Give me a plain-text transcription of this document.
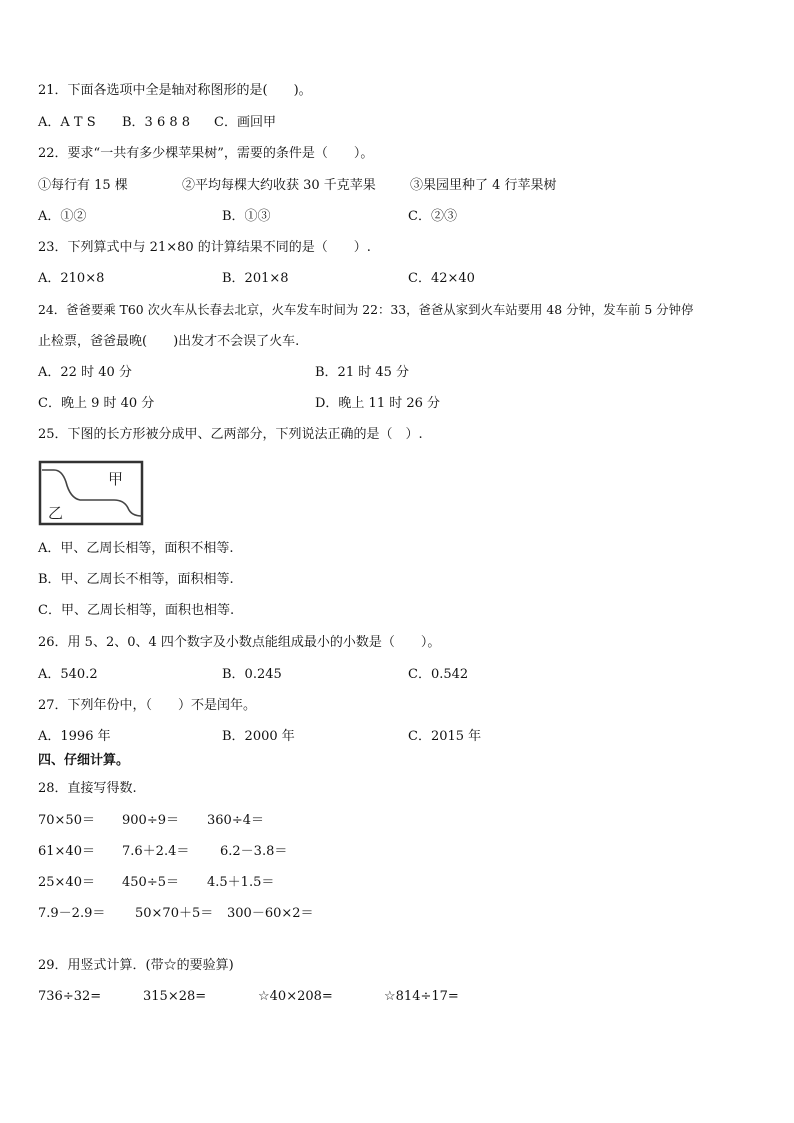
21．下面各选项中全是轴对称图形的是(　　)。
A．A T S B．3 6 8 8 C．画回甲
22．要求“一共有多少棵苹果树”，需要的条件是（　　）。
①每行有 15 棵	②平均每棵大约收获 30 千克苹果	③果园里种了 4 行苹果树
A．①②	B．①③	C．②③
23．下列算式中与 21×80 的计算结果不同的是（　　）.
A．210×8	B．201×8	C．42×40
24．爸爸要乘 T60 次火车从长春去北京，火车发车时间为 22：33，爸爸从家到火车站要用 48 分钟，发车前 5 分钟停
止检票，爸爸最晚(　　)出发才不会误了火车.
A．22 时 40 分	B．21 时 45 分
C．晚上 9 时 40 分	D．晚上 11 时 26 分
25．下图的长方形被分成甲、乙两部分，下列说法正确的是（　）.
甲
乙
A．甲、乙周长相等，面积不相等.
B．甲、乙周长不相等，面积相等.
C．甲、乙周长相等，面积也相等.
26．用 5、2、0、4 四个数字及小数点能组成最小的小数是（　　）。
A．540.2	B．0.245	C．0.542
27．下列年份中，（　　）不是闰年。
A．1996 年	B．2000 年	C．2015 年
四、仔细计算。
28．直接写得数.
70×50＝ 900÷9＝ 360÷4＝
61×40＝ 7.6＋2.4＝ 6.2－3.8＝
25×40＝ 450÷5＝ 4.5＋1.5＝
7.9－2.9＝ 50×70＋5＝ 300－60×2＝
29．用竖式计算．(带☆的要验算)
736÷32=	315×28=	☆40×208=	☆814÷17=
